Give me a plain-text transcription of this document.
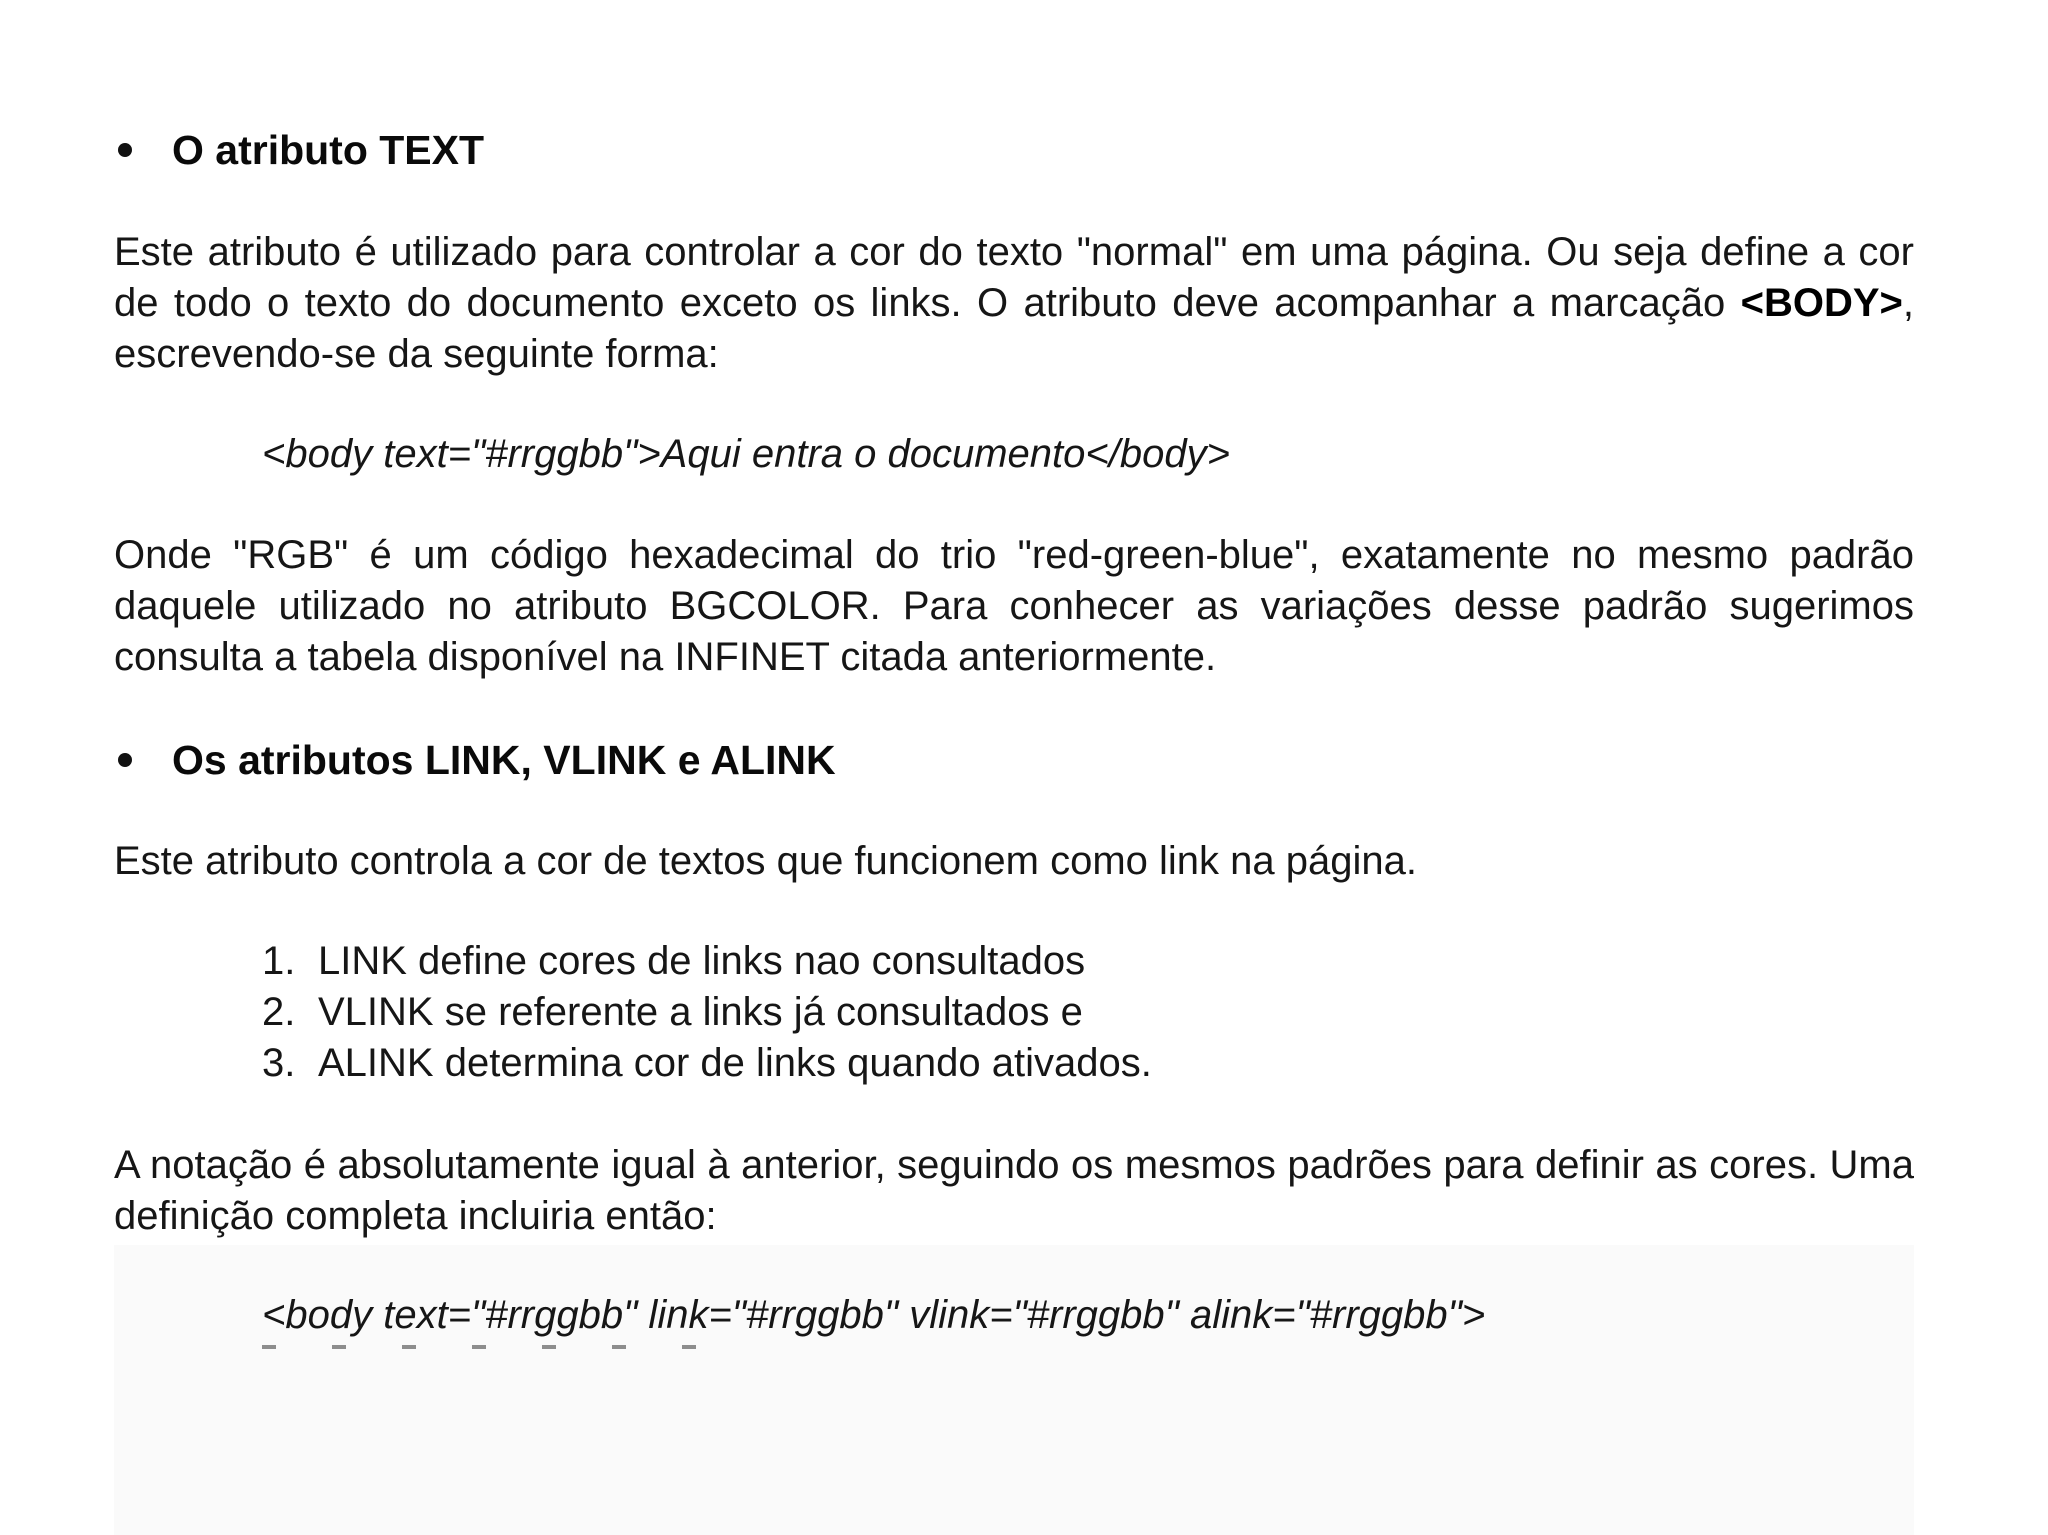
O atributo TEXT
Este atributo é utilizado para controlar a cor do texto "normal" em uma página. Ou seja define a cor de todo o texto do documento exceto os links. O atributo deve acompanhar a marcação <BODY>, escrevendo-se da seguinte forma:
<body text="#rrggbb">Aqui entra o documento</body>
Onde "RGB" é um código hexadecimal do trio "red-green-blue", exatamente no mesmo padrão daquele utilizado no atributo BGCOLOR. Para conhecer as variações desse padrão sugerimos consulta a tabela disponível na INFINET citada anteriormente.
Os atributos LINK, VLINK e ALINK
Este atributo controla a cor de textos que funcionem como link na página.
1. LINK define cores de links nao consultados
2. VLINK se referente a links já consultados e
3. ALINK determina cor de links quando ativados.
A notação é absolutamente igual à anterior, seguindo os mesmos padrões para definir as cores. Uma definição completa incluiria então:
<body text="#rrggbb" link="#rrggbb" vlink="#rrggbb" alink="#rrggbb">
